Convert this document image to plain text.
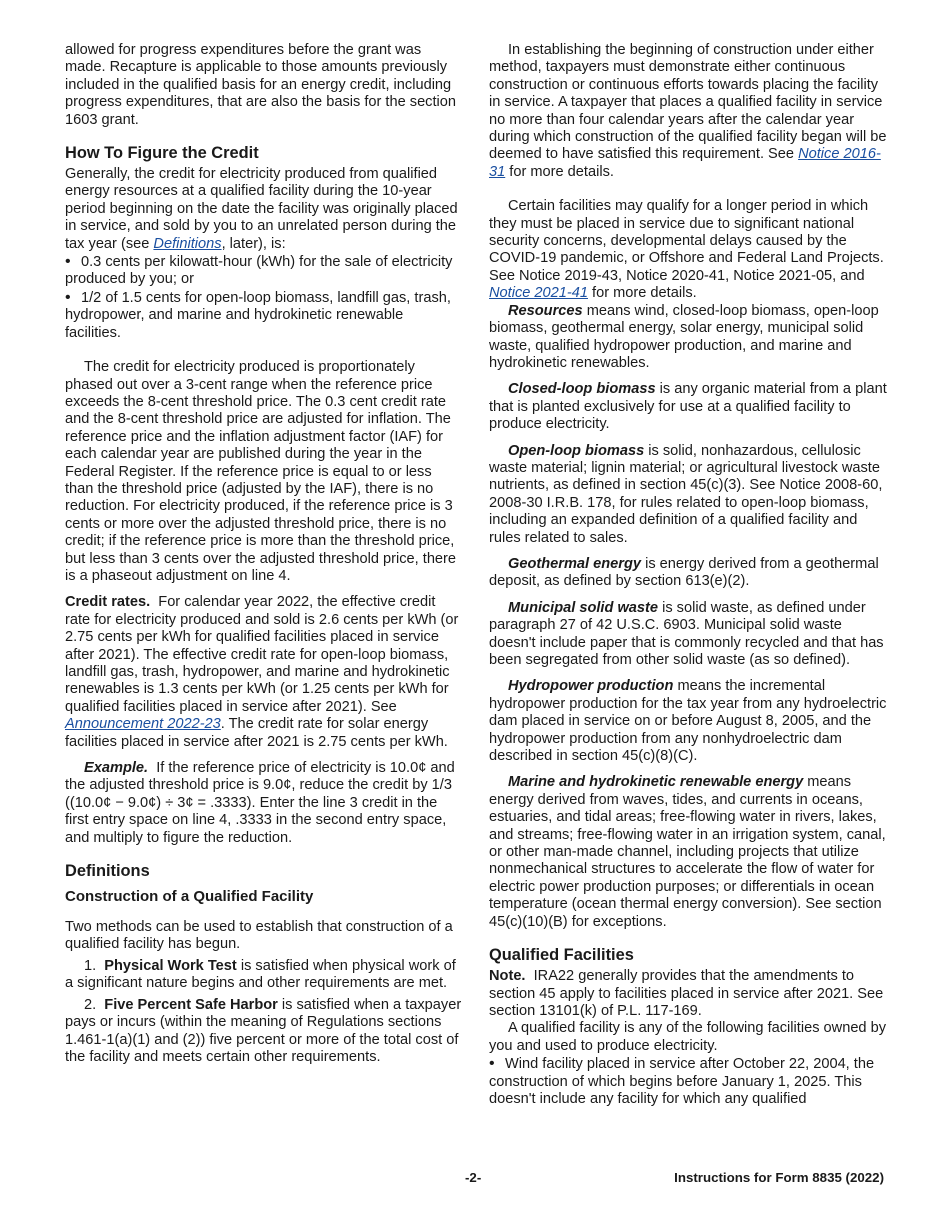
allowed for progress expenditures before the grant was made. Recapture is applicable to those amounts previously included in the qualified basis for an energy credit, including progress expenditures, that are also the basis for the section 1603 grant.

How To Figure the Credit

Generally, the credit for electricity produced from qualified energy resources at a qualified facility during the 10-year period beginning on the date the facility was originally placed in service, and sold by you to an unrelated person during the tax year (see Definitions, later), is:

• 0.3 cents per kilowatt-hour (kWh) for the sale of electricity produced by you; or

• 1/2 of 1.5 cents for open-loop biomass, landfill gas, trash, hydropower, and marine and hydrokinetic renewable facilities.

The credit for electricity produced is proportionately phased out over a 3-cent range when the reference price exceeds the 8-cent threshold price. The 0.3 cent credit rate and the 8-cent threshold price are adjusted for inflation. The reference price and the inflation adjustment factor (IAF) for each calendar year are published during the year in the Federal Register. If the reference price is equal to or less than the threshold price (adjusted by the IAF), there is no reduction. For electricity produced, if the reference price is 3 cents or more over the adjusted threshold price, there is no credit; if the reference price is more than the threshold price, but less than 3 cents over the adjusted threshold price, there is a phaseout adjustment on line 4.

Credit rates. For calendar year 2022, the effective credit rate for electricity produced and sold is 2.6 cents per kWh (or 2.75 cents per kWh for qualified facilities placed in service after 2021). The effective credit rate for open-loop biomass, landfill gas, trash, hydropower, and marine and hydrokinetic renewables is 1.3 cents per kWh (or 1.25 cents per kWh for qualified facilities placed in service after 2021). See Announcement 2022-23. The credit rate for solar energy facilities placed in service after 2021 is 2.75 cents per kWh.

Example. If the reference price of electricity is 10.0¢ and the adjusted threshold price is 9.0¢, reduce the credit by 1/3 ((10.0¢ − 9.0¢) ÷ 3¢ = .3333). Enter the line 3 credit in the first entry space on line 4, .3333 in the second entry space, and multiply to figure the reduction.

Definitions
Construction of a Qualified Facility

Two methods can be used to establish that construction of a qualified facility has begun.

1. Physical Work Test is satisfied when physical work of a significant nature begins and other requirements are met.

2. Five Percent Safe Harbor is satisfied when a taxpayer pays or incurs (within the meaning of Regulations sections 1.461-1(a)(1) and (2)) five percent or more of the total cost of the facility and meets certain other requirements.

In establishing the beginning of construction under either method, taxpayers must demonstrate either continuous construction or continuous efforts towards placing the facility in service. A taxpayer that places a qualified facility in service no more than four calendar years after the calendar year during which construction of the qualified facility began will be deemed to have satisfied this requirement. See Notice 2016-31 for more details.

Certain facilities may qualify for a longer period in which they must be placed in service due to significant national security concerns, developmental delays caused by the COVID-19 pandemic, or Offshore and Federal Land Projects. See Notice 2019-43, Notice 2020-41, Notice 2021-05, and Notice 2021-41 for more details.

Resources means wind, closed-loop biomass, open-loop biomass, geothermal energy, solar energy, municipal solid waste, qualified hydropower production, and marine and hydrokinetic renewables.

Closed-loop biomass is any organic material from a plant that is planted exclusively for use at a qualified facility to produce electricity.

Open-loop biomass is solid, nonhazardous, cellulosic waste material; lignin material; or agricultural livestock waste nutrients, as defined in section 45(c)(3). See Notice 2008-60, 2008-30 I.R.B. 178, for rules related to open-loop biomass, including an expanded definition of a qualified facility and rules related to sales.

Geothermal energy is energy derived from a geothermal deposit, as defined by section 613(e)(2).

Municipal solid waste is solid waste, as defined under paragraph 27 of 42 U.S.C. 6903. Municipal solid waste doesn't include paper that is commonly recycled and that has been segregated from other solid waste (as so defined).

Hydropower production means the incremental hydropower production for the tax year from any hydroelectric dam placed in service on or before August 8, 2005, and the hydropower production from any nonhydroelectric dam described in section 45(c)(8)(C).

Marine and hydrokinetic renewable energy means energy derived from waves, tides, and currents in oceans, estuaries, and tidal areas; free-flowing water in rivers, lakes, and streams; free-flowing water in an irrigation system, canal, or other man-made channel, including projects that utilize nonmechanical structures to accelerate the flow of water for electric power production purposes; or differentials in ocean temperature (ocean thermal energy conversion). See section 45(c)(10)(B) for exceptions.

Qualified Facilities

Note. IRA22 generally provides that the amendments to section 45 apply to facilities placed in service after 2021. See section 13101(k) of P.L. 117-169.

A qualified facility is any of the following facilities owned by you and used to produce electricity.

• Wind facility placed in service after October 22, 2004, the construction of which begins before January 1, 2025. This doesn't include any facility for which any qualified

-2-	Instructions for Form 8835 (2022)
